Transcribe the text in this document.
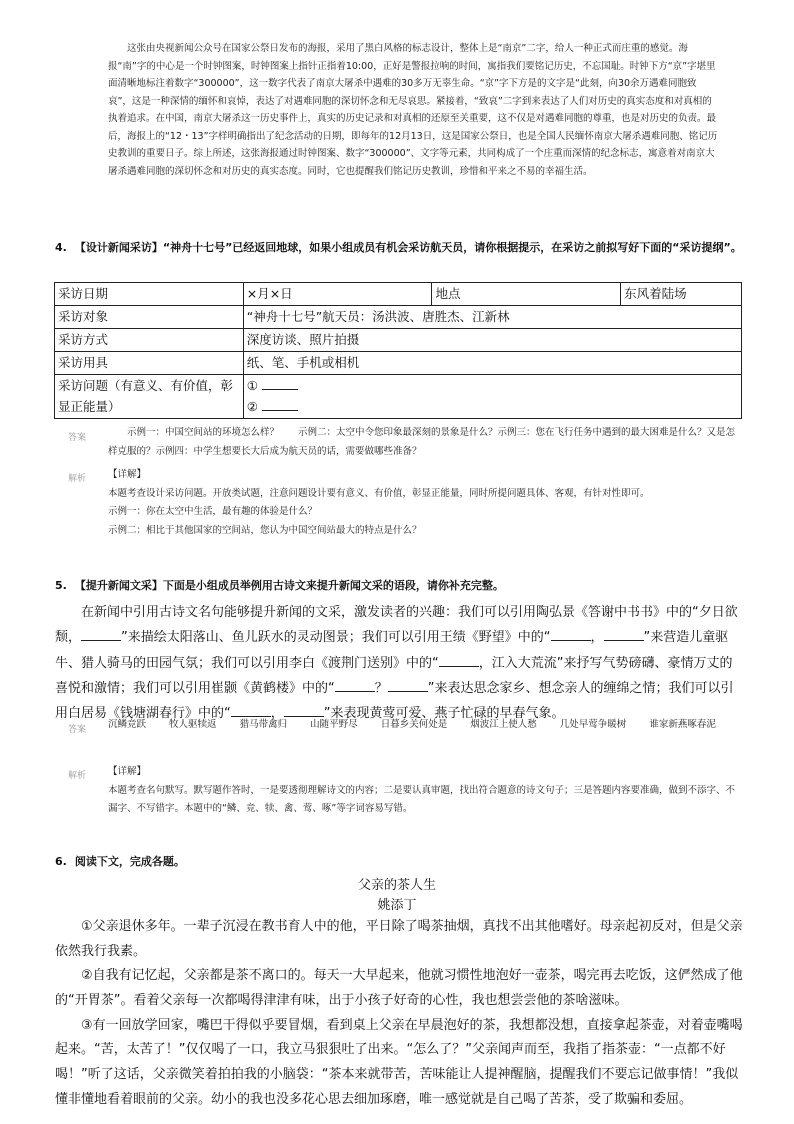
这张由央视新闻公众号在国家公祭日发布的海报，采用了黑白风格的标志设计，整体上是“南京”二字，给人一种正式而庄重的感觉。海报“南”字的中心是一个时钟图案，时钟图案上指针正指着10:00，正好是警报拉响的时间，寓指我们要铭记历史，不忘国耻。时钟下方“京”字堪里面清晰地标注着数字“300000”，这一数字代表了南京大屠杀中遇难的30多万无辜生命。“京”字下方是的文字是“此刻，向30余万遇难同胞致哀”，这是一种深情的缅怀和哀悼，表达了对遇难同胞的深切怀念和无尽哀思。紧接着，“致哀”二字到来表达了人们对历史的真实态度和对真相的执着追求。在中国，南京大屠杀这一历史事件上，真实的历史记录和对真相的还原至关重要，这不仅是对遇难同胞的尊重，也是对历史的负责。最后，海报上的“12・13”字样明确指出了纪念活动的日期，即每年的12月13日，这是国家公祭日，也是全国人民缅怀南京大屠杀遇难同胞、铭记历史教训的重要日子。综上所述，这张海报通过时钟图案、数字“300000”、文字等元素，共同构成了一个庄重而深情的纪念标志，寓意着对南京大屠杀遇难同胞的深切怀念和对历史的真实态度。同时，它也提醒我们铭记历史教训，珍惜和平来之不易的幸福生活。
4. 【设计新闻采访】“神舟十七号”已经返回地球，如果小组成员有机会采访航天员，请你根据提示，在采访之前拟写好下面的“采访提纲”。
采访日期	×月×日	地点	东风着陆场
采访对象	“神舟十七号”航天员：汤洪波、唐胜杰、江新林		
采访方式	深度访谈、照片拍摄		
采访用具	纸、笔、手机或相机		
采访问题（有意义、有价值，彰显正能量）	①
②		
答案	示例一：中国空间站的环境怎么样？　　示例二：太空中令您印象最深刻的景象是什么？示例三：您在飞行任务中遇到的最大困难是什么？又是怎样克服的？示例四：中学生想要长大后成为航天员的话，需要做哪些准备？
解析 【详解】
本题考查设计采访问题。开放类试题，注意问题设计要有意义、有价值，彰显正能量，同时所提问题具体、客观，有针对性即可。
示例一：你在太空中生活，最有趣的体验是什么？
示例二：相比于其他国家的空间站，您认为中国空间站最大的特点是什么？
5. 【提升新闻文采】下面是小组成员举例用古诗文来提升新闻文采的语段，请你补充完整。
在新闻中引用古诗文名句能够提升新闻的文采，激发读者的兴趣：我们可以引用陶弘景《答谢中书书》中的“夕日欲颓，	”来描绘太阳落山、鱼儿跃水的灵动图景；我们可以引用王绩《野望》中的“	，	”来营造儿童驱牛、猎人骑马的田园气氛；我们可以引用李白《渡荆门送别》中的“	，江入大荒流”来抒写气势磅礴、豪情万丈的喜悦和激情；我们可以引用崔颢《黄鹤楼》中的“	？	”来表达思念家乡、想念亲人的缠绵之情；我们可以引用白居易《钱塘湖春行》中的“	，	”来表现黄莺可爱、燕子忙碌的早春气象。
答案 沉鳞竞跃 牧人驱犊返 猎马带禽归 山随平野尽 日暮乡关何处是 烟波江上使人愁 几处早莺争暖树 谁家新燕啄春泥
解析 【详解】
本题考查名句默写。默写题作答时，一是要透彻理解诗文的内容；二是要认真审题，找出符合题意的诗文句子；三是答题内容要准确，做到不添字、不漏字、不写错字。本题中的“鳞、竞、犊、禽、莺、啄”等字词容易写错。
6. 阅读下文，完成各题。
父亲的茶人生
姚添丁

①父亲退休多年。一辈子沉浸在教书育人中的他，平日除了喝茶抽烟，真找不出其他嗜好。母亲起初反对，但是父亲依然我行我素。

②自我有记忆起，父亲都是茶不离口的。每天一大早起来，他就习惯性地泡好一壶茶，喝完再去吃饭，这俨然成了他的“开胃茶”。看着父亲每一次都喝得津津有味，出于小孩子好奇的心性，我也想尝尝他的茶啥滋味。

③有一回放学回家，嘴巴干得似乎要冒烟，看到桌上父亲在早晨泡好的茶，我想都没想，直接拿起茶壶，对着壶嘴喝起来。“苦，太苦了！”仅仅喝了一口，我立马狠狠吐了出来。“怎么了？”父亲闻声而至，我指了指茶壶：“一点都不好喝！”听了这话，父亲微笑着拍拍我的小脑袋：“茶本来就带苦，苦味能让人提神醒脑，提醒我们不要忘记做事情！”我似懂非懂地看着眼前的父亲。幼小的我也没多花心思去细加琢磨，唯一感觉就是自己喝了苦茶，受了欺骗和委屈。
